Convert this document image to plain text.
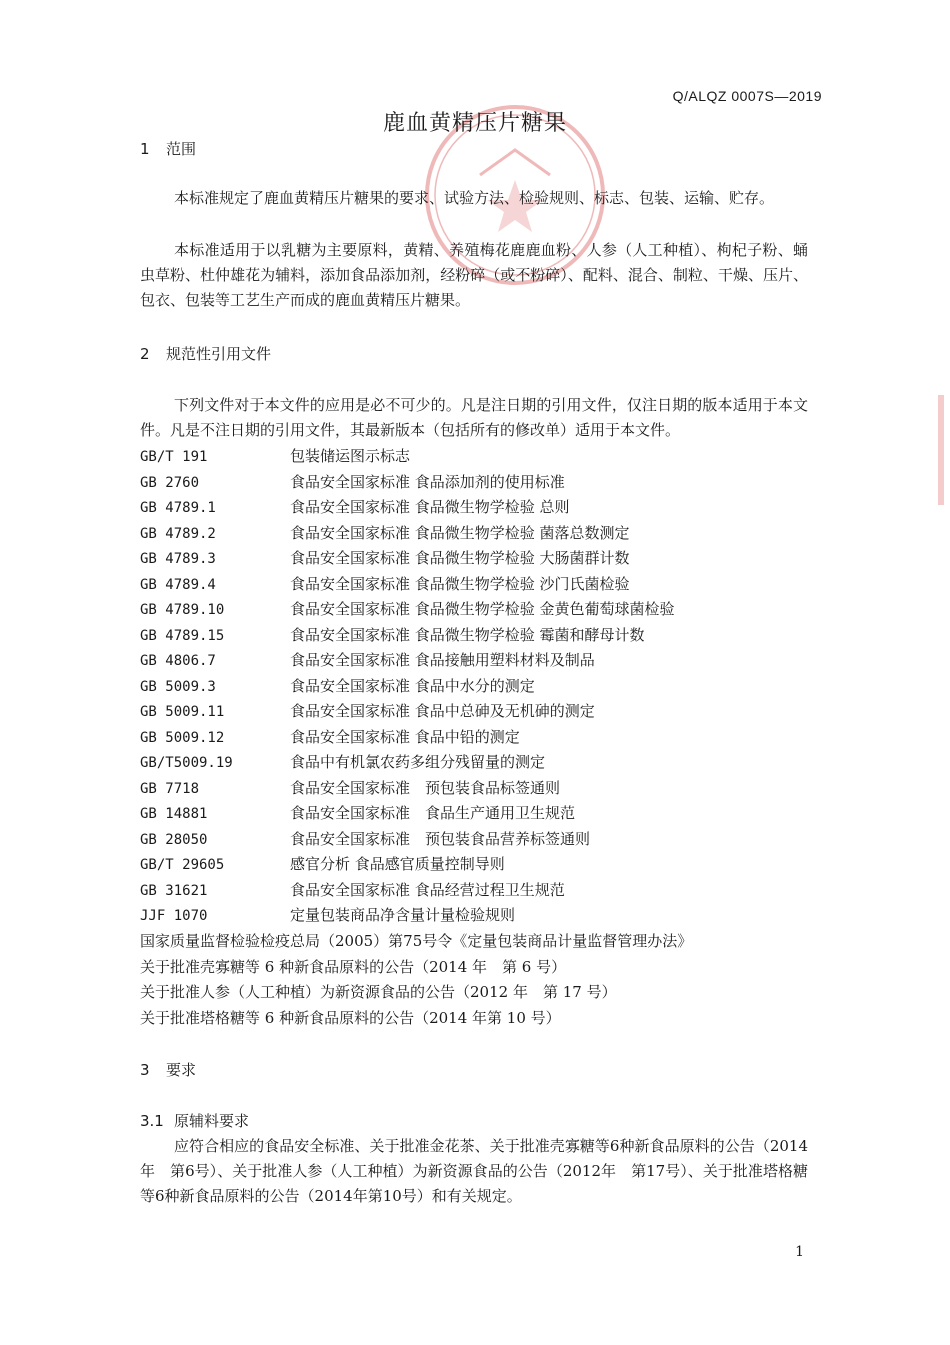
Q/ALQZ 0007S—2019
鹿血黄精压片糖果
1 范围

本标准规定了鹿血黄精压片糖果的要求、试验方法、检验规则、标志、包装、运输、贮存。

本标准适用于以乳糖为主要原料，黄精、养殖梅花鹿鹿血粉、人参（人工种植）、枸杞子粉、蛹虫草粉、杜仲雄花为辅料，添加食品添加剂，经粉碎（或不粉碎）、配料、混合、制粒、干燥、压片、包衣、包装等工艺生产而成的鹿血黄精压片糖果。

2 规范性引用文件

下列文件对于本文件的应用是必不可少的。凡是注日期的引用文件，仅注日期的版本适用于本文件。凡是不注日期的引用文件，其最新版本（包括所有的修改单）适用于本文件。

GB/T 191	包装储运图示标志
GB 2760	食品安全国家标准 食品添加剂的使用标准
GB 4789.1	食品安全国家标准 食品微生物学检验 总则
GB 4789.2	食品安全国家标准 食品微生物学检验 菌落总数测定
GB 4789.3	食品安全国家标准 食品微生物学检验 大肠菌群计数
GB 4789.4	食品安全国家标准 食品微生物学检验 沙门氏菌检验
GB 4789.10	食品安全国家标准 食品微生物学检验 金黄色葡萄球菌检验
GB 4789.15	食品安全国家标准 食品微生物学检验 霉菌和酵母计数
GB 4806.7	食品安全国家标准 食品接触用塑料材料及制品
GB 5009.3	食品安全国家标准 食品中水分的测定
GB 5009.11	食品安全国家标准 食品中总砷及无机砷的测定
GB 5009.12	食品安全国家标准 食品中铅的测定
GB/T5009.19	食品中有机氯农药多组分残留量的测定
GB 7718	食品安全国家标准　预包装食品标签通则
GB 14881	食品安全国家标准　食品生产通用卫生规范
GB 28050	食品安全国家标准　预包装食品营养标签通则
GB/T 29605	感官分析 食品感官质量控制导则
GB 31621	食品安全国家标准 食品经营过程卫生规范
JJF 1070	定量包装商品净含量计量检验规则
国家质量监督检验检疫总局（2005）第75号令《定量包装商品计量监督管理办法》
关于批准壳寡糖等 6 种新食品原料的公告（2014 年　第 6 号）
关于批准人参（人工种植）为新资源食品的公告（2012 年　第 17 号）
关于批准塔格糖等 6 种新食品原料的公告（2014 年第 10 号）
3 要求
3.1 原辅料要求

应符合相应的食品安全标准、关于批准金花茶、关于批准壳寡糖等6种新食品原料的公告（2014年　第6号）、关于批准人参（人工种植）为新资源食品的公告（2012年　第17号）、关于批准塔格糖等6种新食品原料的公告（2014年第10号）和有关规定。

1
